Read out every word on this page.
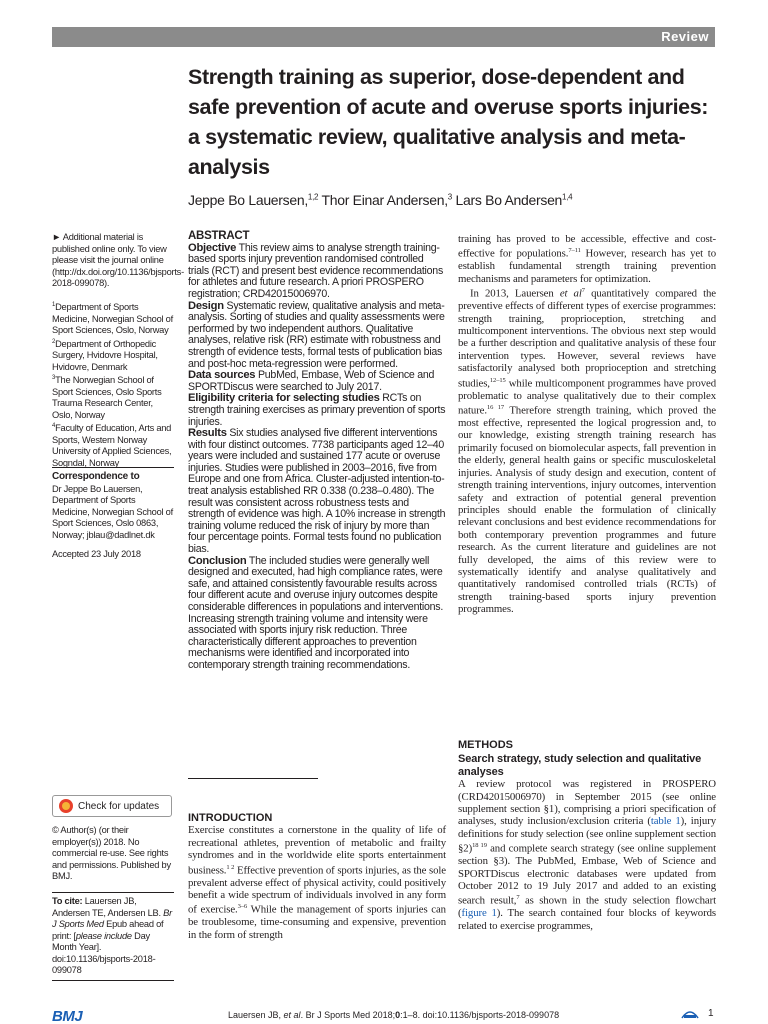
Review
Strength training as superior, dose-dependent and safe prevention of acute and overuse sports injuries: a systematic review, qualitative analysis and meta-analysis
Jeppe Bo Lauersen,$^{1,2}$ Thor Einar Andersen,$^3$ Lars Bo Andersen$^{1,4}$
► Additional material is published online only. To view please visit the journal online (http://dx.doi.org/10.1136/bjsports-2018-099078).
$^1$Department of Sports Medicine, Norwegian School of Sport Sciences, Oslo, Norway
$^2$Department of Orthopedic Surgery, Hvidovre Hospital, Hvidovre, Denmark
$^3$The Norwegian School of Sport Sciences, Oslo Sports Trauma Research Center, Oslo, Norway
$^4$Faculty of Education, Arts and Sports, Western Norway University of Applied Sciences, Sogndal, Norway
Correspondence to
Dr Jeppe Bo Lauersen, Department of Sports Medicine, Norwegian School of Sport Sciences, Oslo 0863, Norway; jblau@dadlnet.dk
Accepted 23 July 2018
Check for updates
© Author(s) (or their employer(s)) 2018. No commercial re-use. See rights and permissions. Published by BMJ.
To cite: Lauersen JB, Andersen TE, Andersen LB. Br J Sports Med Epub ahead of print: [please include Day Month Year]. doi:10.1136/bjsports-2018-099078
ABSTRACT

Objective This review aims to analyse strength training-based sports injury prevention randomised controlled trials (RCT) and present best evidence recommendations for athletes and future research. A priori PROSPERO registration; CRD42015006970.

Design Systematic review, qualitative analysis and meta-analysis. Sorting of studies and quality assessments were performed by two independent authors. Qualitative analyses, relative risk (RR) estimate with robustness and strength of evidence tests, formal tests of publication bias and post-hoc meta-regression were performed.

Data sources PubMed, Embase, Web of Science and SPORTDiscus were searched to July 2017.

Eligibility criteria for selecting studies RCTs on strength training exercises as primary prevention of sports injuries.

Results Six studies analysed five different interventions with four distinct outcomes. 7738 participants aged 12–40 years were included and sustained 177 acute or overuse injuries. Studies were published in 2003–2016, five from Europe and one from Africa. Cluster-adjusted intention-to-treat analysis established RR 0.338 (0.238–0.480). The result was consistent across robustness tests and strength of evidence was high. A 10% increase in strength training volume reduced the risk of injury by more than four percentage points. Formal tests found no publication bias.

Conclusion The included studies were generally well designed and executed, had high compliance rates, were safe, and attained consistently favourable results across four different acute and overuse injury outcomes despite considerable differences in populations and interventions. Increasing strength training volume and intensity were associated with sports injury risk reduction. Three characteristically different approaches to prevention mechanisms were identified and incorporated into contemporary strength training recommendations.

INTRODUCTION

Exercise constitutes a cornerstone in the quality of life of recreational athletes, prevention of metabolic and frailty syndromes and in the worldwide elite sports entertainment business.$^{1 2}$ Effective prevention of sports injuries, as the sole prevalent adverse effect of physical activity, could positively benefit a wide spectrum of individuals involved in any form of exercise.$^{3-6}$ While the management of sports injuries can be troublesome, time-consuming and expensive, prevention in the form of strength

training has proved to be accessible, effective and cost-effective for populations.$^{7-11}$ However, research has yet to establish fundamental strength training prevention mechanisms and parameters for optimization.

In 2013, Lauersen et $al^7$ quantitatively compared the preventive effects of different types of exercise programmes: strength training, proprioception, stretching and multicomponent interventions. The obvious next step would be a further description and qualitative analysis of these four intervention types. However, several reviews have satisfactorily analysed both proprioception and stretching studies,$^{12-15}$ while multicomponent programmes have proved problematic to analyse qualitatively due to their complex nature.$^{16 17}$ Therefore strength training, which proved the most effective, represented the logical progression and, to our knowledge, existing strength training research has primarily focused on biomolecular aspects, fall prevention in the elderly, general health gains or specific musculoskeletal injuries. Analysis of study design and execution, content of strength training interventions, injury outcomes, intervention safety and extraction of potential general prevention principles should enable the formulation of clinically relevant conclusions and best evidence recommendations for both contemporary prevention programmes and future research. As the current literature and guidelines are not fully developed, the aims of this review were to systematically identify and analyse qualitatively and quantitatively randomised controlled trials (RCTs) of strength training-based sports injury prevention programmes.

METHODS
Search strategy, study selection and qualitative analyses

A review protocol was registered in PROSPERO (CRD42015006970) in September 2015 (see online supplement section §1), comprising a priori specification of analyses, study inclusion/exclusion criteria (table 1), injury definitions for study selection (see online supplement section §2)$^{18 19}$ and complete search strategy (see online supplement section §3). The PubMed, Embase, Web of Science and SPORTDiscus electronic databases were updated from October 2012 to 19 July 2017 and added to an existing search result,$^7$ as shown in the study selection flowchart (figure 1). The search contained four blocks of keywords related to exercise programmes,

BMJ	Lauersen JB, et al. Br J Sports Med 2018;0:1–8. doi:10.1136/bjsports-2018-099078	1
